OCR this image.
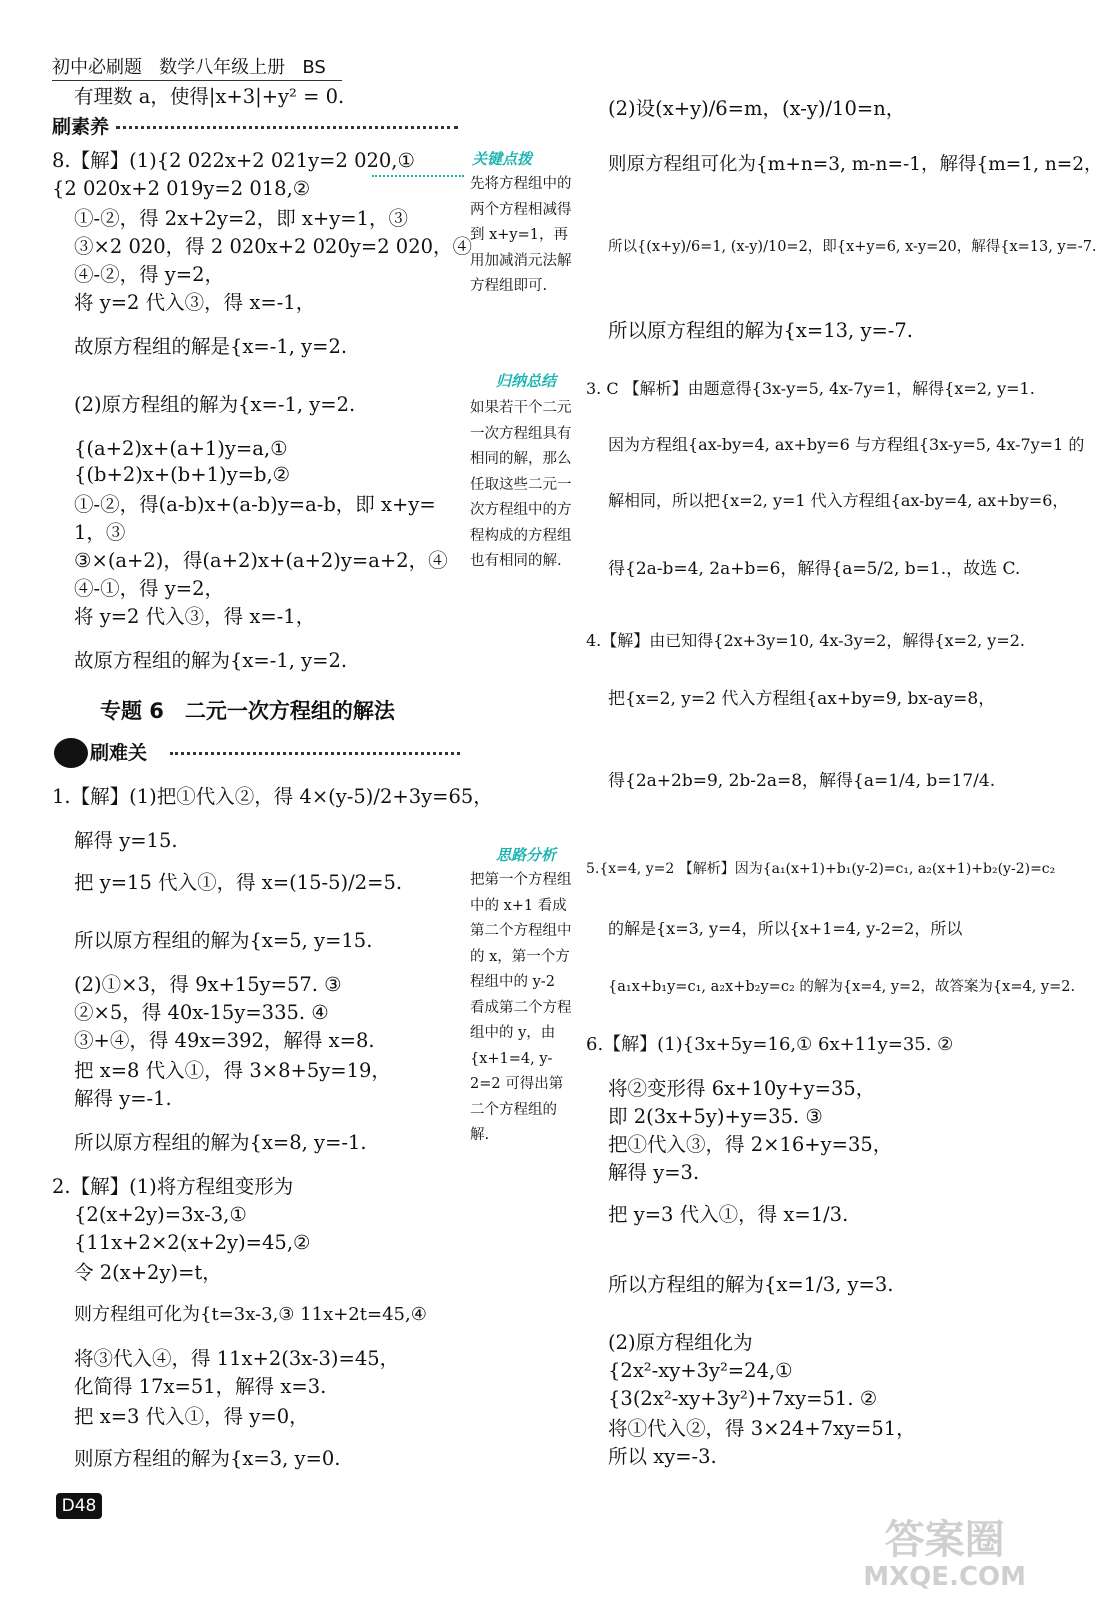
初中必刷题 数学八年级上册 BS
有理数 a，使得|x+3|+y² = 0.
刷素养
8.【解】(1){2 022x+2 021y=2 020,①
{2 020x+2 019y=2 018,②
①-②，得 2x+2y=2，即 x+y=1，③
③×2 020，得 2 020x+2 020y=2 020，④
④-②，得 y=2，
将 y=2 代入③，得 x=-1，
故原方程组的解是{x=-1, y=2.
(2)原方程组的解为{x=-1, y=2.
{(a+2)x+(a+1)y=a,①
{(b+2)x+(b+1)y=b,②
①-②，得(a-b)x+(a-b)y=a-b，即 x+y=
1，③
③×(a+2)，得(a+2)x+(a+2)y=a+2，④
④-①，得 y=2，
将 y=2 代入③，得 x=-1，
故原方程组的解为{x=-1, y=2.
专题 6　二元一次方程组的解法
刷难关
1.【解】(1)把①代入②，得 4×(y-5)/2+3y=65，
解得 y=15.
把 y=15 代入①，得 x=(15-5)/2=5.
所以原方程组的解为{x=5, y=15.
(2)①×3，得 9x+15y=57. ③
②×5，得 40x-15y=335. ④
③+④，得 49x=392，解得 x=8.
把 x=8 代入①，得 3×8+5y=19，
解得 y=-1.
所以原方程组的解为{x=8, y=-1.
2.【解】(1)将方程组变形为
{2(x+2y)=3x-3,①
{11x+2×2(x+2y)=45,②
令 2(x+2y)=t，
则方程组可化为{t=3x-3,③ 11x+2t=45,④
将③代入④，得 11x+2(3x-3)=45，
化简得 17x=51，解得 x=3.
把 x=3 代入①，得 y=0，
则原方程组的解为{x=3, y=0.
关键点拨
先将方程组中的两个方程相减得到 x+y=1，再用加减消元法解方程组即可.
归纳总结
如果若干个二元一次方程组具有相同的解，那么任取这些二元一次方程组中的方程构成的方程组也有相同的解.
思路分析
把第一个方程组中的 x+1 看成第二个方程组中的 x，第一个方程组中的 y-2 看成第二个方程组中的 y，由{x+1=4, y-2=2 可得出第二个方程组的解.
(2)设(x+y)/6=m，(x-y)/10=n，
则原方程组可化为{m+n=3, m-n=-1，解得{m=1, n=2，
所以{(x+y)/6=1, (x-y)/10=2，即{x+y=6, x-y=20，解得{x=13, y=-7.
所以原方程组的解为{x=13, y=-7.
3. C 【解析】由题意得{3x-y=5, 4x-7y=1，解得{x=2, y=1.
因为方程组{ax-by=4, ax+by=6 与方程组{3x-y=5, 4x-7y=1 的
解相同，所以把{x=2, y=1 代入方程组{ax-by=4, ax+by=6，
得{2a-b=4, 2a+b=6，解得{a=5/2, b=1.，故选 C.
4.【解】由已知得{2x+3y=10, 4x-3y=2，解得{x=2, y=2.
把{x=2, y=2 代入方程组{ax+by=9, bx-ay=8，
得{2a+2b=9, 2b-2a=8，解得{a=1/4, b=17/4.
5.{x=4, y=2 【解析】因为{a₁(x+1)+b₁(y-2)=c₁, a₂(x+1)+b₂(y-2)=c₂
的解是{x=3, y=4，所以{x+1=4, y-2=2，所以
{a₁x+b₁y=c₁, a₂x+b₂y=c₂ 的解为{x=4, y=2，故答案为{x=4, y=2.
6.【解】(1){3x+5y=16,① 6x+11y=35. ②
将②变形得 6x+10y+y=35，
即 2(3x+5y)+y=35. ③
把①代入③，得 2×16+y=35，
解得 y=3.
把 y=3 代入①，得 x=1/3.
所以方程组的解为{x=1/3, y=3.
(2)原方程组化为
{2x²-xy+3y²=24,①
{3(2x²-xy+3y²)+7xy=51. ②
将①代入②，得 3×24+7xy=51，
所以 xy=-3.
D48
答案圈
MXQE.COM
